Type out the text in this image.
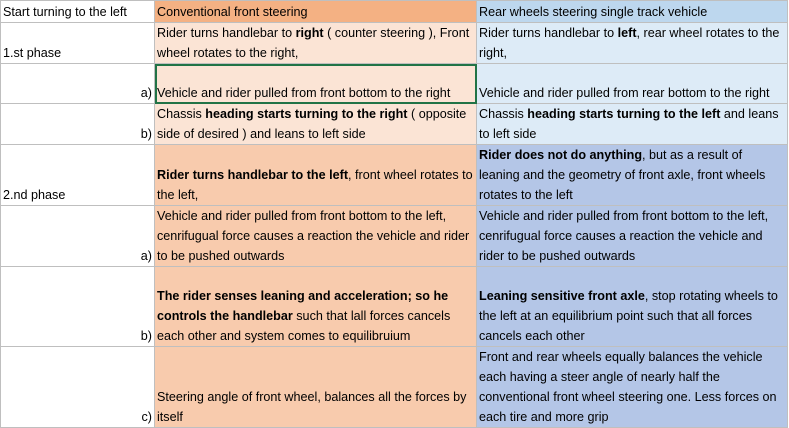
Start turning to the left	Conventional front steering	Rear wheels steering single track vehicle
1.st phase	Rider turns handlebar to right ( counter steering ), Front wheel rotates to the right,	Rider turns handlebar to left, rear wheel rotates to the right,
a)	Vehicle and rider pulled from front bottom to the right	Vehicle and rider pulled from rear bottom to the right
b)	Chassis heading starts turning to the right ( opposite side of desired ) and leans to left side	Chassis heading starts turning to the left and leans to left side
2.nd phase	Rider turns handlebar to the left, front wheel rotates to the left,	Rider does not do anything, but as a result of leaning and the geometry of front axle, front wheels rotates to the left
a)	Vehicle and rider pulled from front bottom to the left, cenrifugual force causes a reaction the vehicle and rider to be pushed outwards	Vehicle and rider pulled from front bottom to the left, cenrifugual force causes a reaction the vehicle and rider to be pushed outwards
b)	The rider senses leaning and acceleration; so he controls the handlebar such that lall forces cancels each other and system comes to equilibruium	Leaning sensitive front axle, stop rotating wheels to the left at an equilibrium point such that all forces cancels each other
c)	Steering angle of front wheel, balances all the forces by itself	Front and rear wheels equally balances the vehicle each having a steer angle of nearly half the conventional front wheel steering one. Less forces on each tire and more grip
